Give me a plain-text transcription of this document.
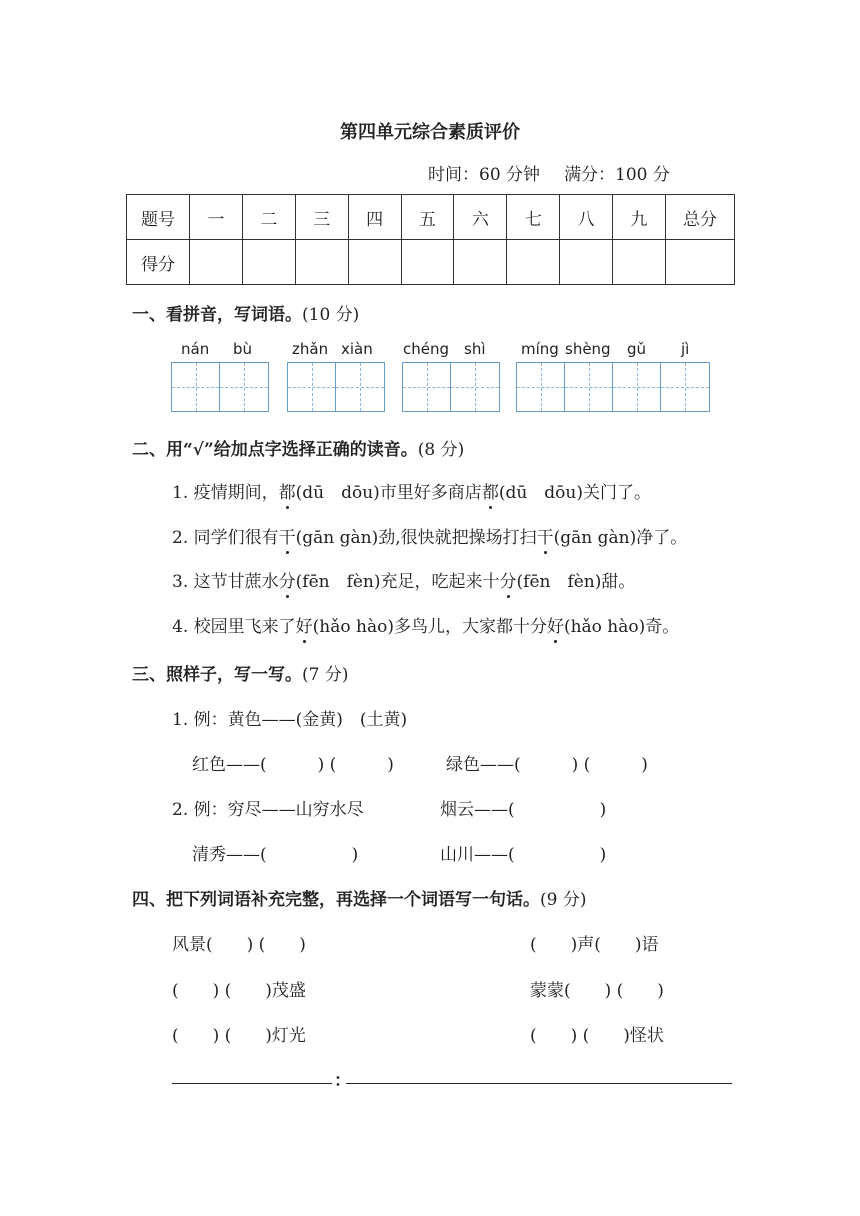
第四单元综合素质评价
时间：60 分钟 满分：100 分
题号	一	二	三	四	五	六	七	八	九	总分
得分										
一、看拼音，写词语。(10 分)
nán bù	zhǎn xiàn chéng shì míng shèng gǔ jì
二、用“√”给加点字选择正确的读音。(8 分)
1. 疫情期间，都(dū　dōu)市里好多商店都(dū　dōu)关门了。
2. 同学们很有干(gān gàn)劲,很快就把操场打扫干(gān gàn)净了。
3. 这节甘蔗水分(fēn　fèn)充足，吃起来十分(fēn　fèn)甜。
4. 校园里飞来了好(hǎo hào)多鸟儿，大家都十分好(hǎo hào)奇。
三、照样子，写一写。(7 分)
1. 例：黄色——(金黄)　(土黄)
红色——(　　　) (　　　)	绿色——(　　　) (　　　)
2. 例：穷尽——山穷水尽	烟云——(　　　　　)
清秀——(　　　　　)	山川——(　　　　　)
四、把下列词语补充完整，再选择一个词语写一句话。(9 分)
风景(　　) (　　)	(　　)声(　　)语
(　　) (　　)茂盛	蒙蒙(　　) (　　)
(　　) (　　)灯光	(　　) (　　)怪状
：
